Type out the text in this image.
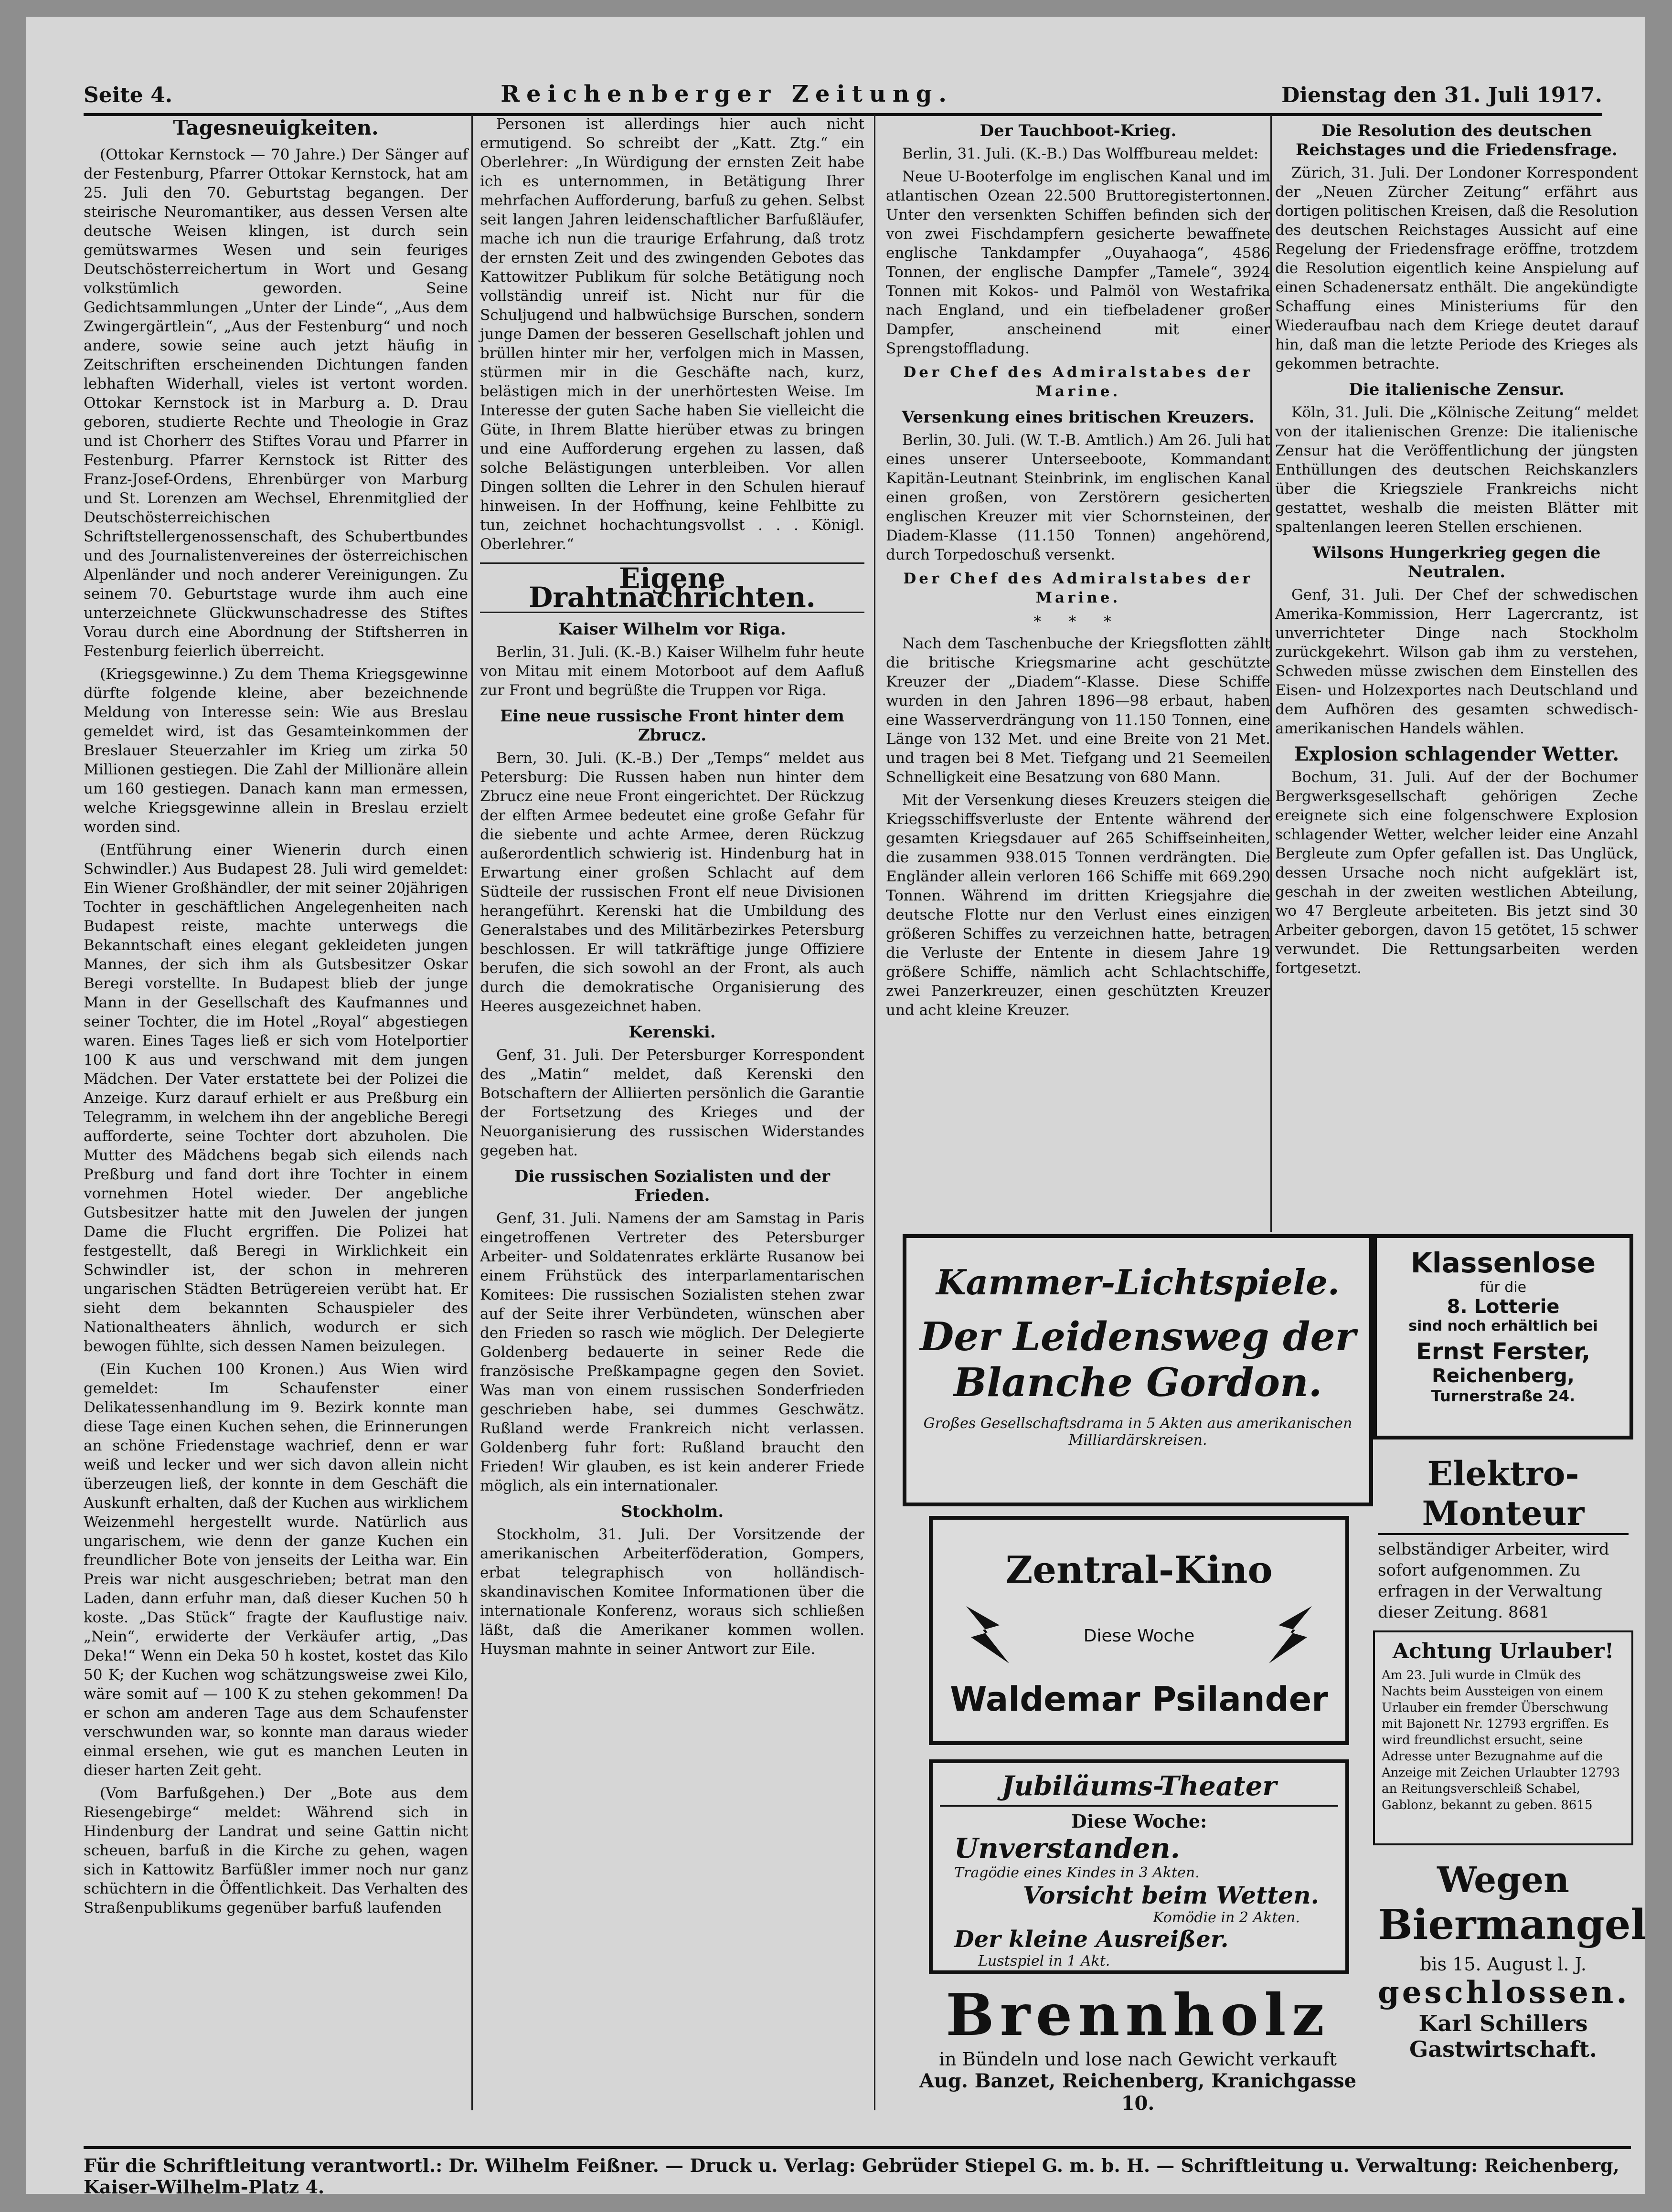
Seite 4.	Reichenberger Zeitung.	Dienstag den 31. Juli 1917.
Tagesneuigkeiten.

(Ottokar Kernstock — 70 Jahre.) Der Sänger auf der Festenburg, Pfarrer Ottokar Kernstock, hat am 25. Juli den 70. Geburtstag begangen. Der steirische Neuromantiker, aus dessen Versen alte deutsche Weisen klingen, ist durch sein gemütswarmes Wesen und sein feuriges Deutschösterreichertum in Wort und Gesang volkstümlich geworden. Seine Gedichtsammlungen „Unter der Linde“, „Aus dem Zwingergärtlein“, „Aus der Festenburg“ und noch andere, sowie seine auch jetzt häufig in Zeitschriften erscheinenden Dichtungen fanden lebhaften Widerhall, vieles ist vertont worden. Ottokar Kernstock ist in Marburg a. D. Drau geboren, studierte Rechte und Theologie in Graz und ist Chorherr des Stiftes Vorau und Pfarrer in Festenburg. Pfarrer Kernstock ist Ritter des Franz-Josef-Ordens, Ehrenbürger von Marburg und St. Lorenzen am Wechsel, Ehrenmitglied der Deutschösterreichischen Schriftstellergenossenschaft, des Schubertbundes und des Journalistenvereines der österreichischen Alpenländer und noch anderer Vereinigungen. Zu seinem 70. Geburtstage wurde ihm auch eine unterzeichnete Glückwunschadresse des Stiftes Vorau durch eine Abordnung der Stiftsherren in Festenburg feierlich überreicht.

(Kriegsgewinne.) Zu dem Thema Kriegsgewinne dürfte folgende kleine, aber bezeichnende Meldung von Interesse sein: Wie aus Breslau gemeldet wird, ist das Gesamteinkommen der Breslauer Steuerzahler im Krieg um zirka 50 Millionen gestiegen. Die Zahl der Millionäre allein um 160 gestiegen. Danach kann man ermessen, welche Kriegsgewinne allein in Breslau erzielt worden sind.

(Entführung einer Wienerin durch einen Schwindler.) Aus Budapest 28. Juli wird gemeldet: Ein Wiener Großhändler, der mit seiner 20jährigen Tochter in geschäftlichen Angelegenheiten nach Budapest reiste, machte unterwegs die Bekanntschaft eines elegant gekleideten jungen Mannes, der sich ihm als Gutsbesitzer Oskar Beregi vorstellte. In Budapest blieb der junge Mann in der Gesellschaft des Kaufmannes und seiner Tochter, die im Hotel „Royal“ abgestiegen waren. Eines Tages ließ er sich vom Hotelportier 100 K aus und verschwand mit dem jungen Mädchen. Der Vater erstattete bei der Polizei die Anzeige. Kurz darauf erhielt er aus Preßburg ein Telegramm, in welchem ihn der angebliche Beregi aufforderte, seine Tochter dort abzuholen. Die Mutter des Mädchens begab sich eilends nach Preßburg und fand dort ihre Tochter in einem vornehmen Hotel wieder. Der angebliche Gutsbesitzer hatte mit den Juwelen der jungen Dame die Flucht ergriffen. Die Polizei hat festgestellt, daß Beregi in Wirklichkeit ein Schwindler ist, der schon in mehreren ungarischen Städten Betrügereien verübt hat. Er sieht dem bekannten Schauspieler des Nationaltheaters ähnlich, wodurch er sich bewogen fühlte, sich dessen Namen beizulegen.

(Ein Kuchen 100 Kronen.) Aus Wien wird gemeldet: Im Schaufenster einer Delikatessenhandlung im 9. Bezirk konnte man diese Tage einen Kuchen sehen, die Erinnerungen an schöne Friedenstage wachrief, denn er war weiß und lecker und wer sich davon allein nicht überzeugen ließ, der konnte in dem Geschäft die Auskunft erhalten, daß der Kuchen aus wirklichem Weizenmehl hergestellt wurde. Natürlich aus ungarischem, wie denn der ganze Kuchen ein freundlicher Bote von jenseits der Leitha war. Ein Preis war nicht ausgeschrieben; betrat man den Laden, dann erfuhr man, daß dieser Kuchen 50 h koste. „Das Stück“ fragte der Kauflustige naiv. „Nein“, erwiderte der Verkäufer artig, „Das Deka!“ Wenn ein Deka 50 h kostet, kostet das Kilo 50 K; der Kuchen wog schätzungsweise zwei Kilo, wäre somit auf — 100 K zu stehen gekommen! Da er schon am anderen Tage aus dem Schaufenster verschwunden war, so konnte man daraus wieder einmal ersehen, wie gut es manchen Leuten in dieser harten Zeit geht.

(Vom Barfußgehen.) Der „Bote aus dem Riesengebirge“ meldet: Während sich in Hindenburg der Landrat und seine Gattin nicht scheuen, barfuß in die Kirche zu gehen, wagen sich in Kattowitz Barfüßler immer noch nur ganz schüchtern in die Öffentlichkeit. Das Verhalten des Straßenpublikums gegenüber barfuß laufenden

Personen ist allerdings hier auch nicht ermutigend. So schreibt der „Katt. Ztg.“ ein Oberlehrer: „In Würdigung der ernsten Zeit habe ich es unternommen, in Betätigung Ihrer mehrfachen Aufforderung, barfuß zu gehen. Selbst seit langen Jahren leidenschaftlicher Barfußläufer, mache ich nun die traurige Erfahrung, daß trotz der ernsten Zeit und des zwingenden Gebotes das Kattowitzer Publikum für solche Betätigung noch vollständig unreif ist. Nicht nur für die Schuljugend und halbwüchsige Burschen, sondern junge Damen der besseren Gesellschaft johlen und brüllen hinter mir her, verfolgen mich in Massen, stürmen mir in die Geschäfte nach, kurz, belästigen mich in der unerhörtesten Weise. Im Interesse der guten Sache haben Sie vielleicht die Güte, in Ihrem Blatte hierüber etwas zu bringen und eine Aufforderung ergehen zu lassen, daß solche Belästigungen unterbleiben. Vor allen Dingen sollten die Lehrer in den Schulen hierauf hinweisen. In der Hoffnung, keine Fehlbitte zu tun, zeichnet hochachtungsvollst . . . Königl. Oberlehrer.“

Eigene Drahtnachrichten.
Kaiser Wilhelm vor Riga.

Berlin, 31. Juli. (K.-B.) Kaiser Wilhelm fuhr heute von Mitau mit einem Motorboot auf dem Aafluß zur Front und begrüßte die Truppen vor Riga.

Eine neue russische Front hinter dem Zbrucz.

Bern, 30. Juli. (K.-B.) Der „Temps“ meldet aus Petersburg: Die Russen haben nun hinter dem Zbrucz eine neue Front eingerichtet. Der Rückzug der elften Armee bedeutet eine große Gefahr für die siebente und achte Armee, deren Rückzug außerordentlich schwierig ist. Hindenburg hat in Erwartung einer großen Schlacht auf dem Südteile der russischen Front elf neue Divisionen herangeführt. Kerenski hat die Umbildung des Generalstabes und des Militärbezirkes Petersburg beschlossen. Er will tatkräftige junge Offiziere berufen, die sich sowohl an der Front, als auch durch die demokratische Organisierung des Heeres ausgezeichnet haben.

Kerenski.

Genf, 31. Juli. Der Petersburger Korrespondent des „Matin“ meldet, daß Kerenski den Botschaftern der Alliierten persönlich die Garantie der Fortsetzung des Krieges und der Neuorganisierung des russischen Widerstandes gegeben hat.

Die russischen Sozialisten und der Frieden.

Genf, 31. Juli. Namens der am Samstag in Paris eingetroffenen Vertreter des Petersburger Arbeiter- und Soldatenrates erklärte Rusanow bei einem Frühstück des interparlamentarischen Komitees: Die russischen Sozialisten stehen zwar auf der Seite ihrer Verbündeten, wünschen aber den Frieden so rasch wie möglich. Der Delegierte Goldenberg bedauerte in seiner Rede die französische Preßkampagne gegen den Soviet. Was man von einem russischen Sonderfrieden geschrieben habe, sei dummes Geschwätz. Rußland werde Frankreich nicht verlassen. Goldenberg fuhr fort: Rußland braucht den Frieden! Wir glauben, es ist kein anderer Friede möglich, als ein internationaler.

Stockholm.

Stockholm, 31. Juli. Der Vorsitzende der amerikanischen Arbeiterföderation, Gompers, erbat telegraphisch von holländisch-skandinavischen Komitee Informationen über die internationale Konferenz, woraus sich schließen läßt, daß die Amerikaner kommen wollen. Huysman mahnte in seiner Antwort zur Eile.

Der Tauchboot-Krieg.

Berlin, 31. Juli. (K.-B.) Das Wolffbureau meldet:

Neue U-Booterfolge im englischen Kanal und im atlantischen Ozean 22.500 Bruttoregistertonnen. Unter den versenkten Schiffen befinden sich der von zwei Fischdampfern gesicherte bewaffnete englische Tankdampfer „Ouyahaoga“, 4586 Tonnen, der englische Dampfer „Tamele“, 3924 Tonnen mit Kokos- und Palmöl von Westafrika nach England, und ein tiefbeladener großer Dampfer, anscheinend mit einer Sprengstoffladung.

Der Chef des Admiralstabes der Marine.
Versenkung eines britischen Kreuzers.

Berlin, 30. Juli. (W. T.-B. Amtlich.) Am 26. Juli hat eines unserer Unterseeboote, Kommandant Kapitän-Leutnant Steinbrink, im englischen Kanal einen großen, von Zerstörern gesicherten englischen Kreuzer mit vier Schornsteinen, der Diadem-Klasse (11.150 Tonnen) angehörend, durch Torpedoschuß versenkt.

Der Chef des Admiralstabes der Marine.
* * *

Nach dem Taschenbuche der Kriegsflotten zählt die britische Kriegsmarine acht geschützte Kreuzer der „Diadem“-Klasse. Diese Schiffe wurden in den Jahren 1896—98 erbaut, haben eine Wasserverdrängung von 11.150 Tonnen, eine Länge von 132 Met. und eine Breite von 21 Met. und tragen bei 8 Met. Tiefgang und 21 Seemeilen Schnelligkeit eine Besatzung von 680 Mann.

Mit der Versenkung dieses Kreuzers steigen die Kriegsschiffsverluste der Entente während der gesamten Kriegsdauer auf 265 Schiffseinheiten, die zusammen 938.015 Tonnen verdrängten. Die Engländer allein verloren 166 Schiffe mit 669.290 Tonnen. Während im dritten Kriegsjahre die deutsche Flotte nur den Verlust eines einzigen größeren Schiffes zu verzeichnen hatte, betragen die Verluste der Entente in diesem Jahre 19 größere Schiffe, nämlich acht Schlachtschiffe, zwei Panzerkreuzer, einen geschützten Kreuzer und acht kleine Kreuzer.

Die Resolution des deutschen Reichstages und die Friedensfrage.

Zürich, 31. Juli. Der Londoner Korrespondent der „Neuen Zürcher Zeitung“ erfährt aus dortigen politischen Kreisen, daß die Resolution des deutschen Reichstages Aussicht auf eine Regelung der Friedensfrage eröffne, trotzdem die Resolution eigentlich keine Anspielung auf einen Schadenersatz enthält. Die angekündigte Schaffung eines Ministeriums für den Wiederaufbau nach dem Kriege deutet darauf hin, daß man die letzte Periode des Krieges als gekommen betrachte.

Die italienische Zensur.

Köln, 31. Juli. Die „Kölnische Zeitung“ meldet von der italienischen Grenze: Die italienische Zensur hat die Veröffentlichung der jüngsten Enthüllungen des deutschen Reichskanzlers über die Kriegsziele Frankreichs nicht gestattet, weshalb die meisten Blätter mit spaltenlangen leeren Stellen erschienen.

Wilsons Hungerkrieg gegen die Neutralen.

Genf, 31. Juli. Der Chef der schwedischen Amerika-Kommission, Herr Lagercrantz, ist unverrichteter Dinge nach Stockholm zurückgekehrt. Wilson gab ihm zu verstehen, Schweden müsse zwischen dem Einstellen des Eisen- und Holzexportes nach Deutschland und dem Aufhören des gesamten schwedisch-amerikanischen Handels wählen.

Explosion schlagender Wetter.

Bochum, 31. Juli. Auf der der Bochumer Bergwerksgesellschaft gehörigen Zeche ereignete sich eine folgenschwere Explosion schlagender Wetter, welcher leider eine Anzahl Bergleute zum Opfer gefallen ist. Das Unglück, dessen Ursache noch nicht aufgeklärt ist, geschah in der zweiten westlichen Abteilung, wo 47 Bergleute arbeiteten. Bis jetzt sind 30 Arbeiter geborgen, davon 15 getötet, 15 schwer verwundet. Die Rettungsarbeiten werden fortgesetzt.

Kammer-Lichtspiele.
Der Leidensweg der Blanche Gordon.
Großes Gesellschaftsdrama in 5 Akten aus amerikanischen Milliardärskreisen.
Zentral-Kino
Diese Woche
Waldemar Psilander
Jubiläums-Theater
Diese Woche:
Unverstanden.
Tragödie eines Kindes in 3 Akten.
Vorsicht beim Wetten.
Komödie in 2 Akten.
Der kleine Ausreißer.
Lustspiel in 1 Akt.
Brennholz
in Bündeln und lose nach Gewicht verkauft
Aug. Banzet, Reichenberg, Kranichgasse 10.
Klassenlose
für die
8. Lotterie
sind noch erhältlich bei
Ernst Ferster,
Reichenberg,
Turnerstraße 24.
Elektro-Monteur
selbständiger Arbeiter, wird sofort aufgenommen. Zu erfragen in der Verwaltung dieser Zeitung. 8681
Achtung Urlauber!
Am 23. Juli wurde in Clmük des Nachts beim Aussteigen von einem Urlauber ein fremder Überschwung mit Bajonett Nr. 12793 ergriffen. Es wird freundlichst ersucht, seine Adresse unter Bezugnahme auf die Anzeige mit Zeichen Urlaubter 12793 an Reitungsverschleiß Schabel, Gablonz, bekannt zu geben. 8615
Wegen
Biermangel
bis 15. August l. J.
geschlossen.
Karl Schillers
Gastwirtschaft.
Für die Schriftleitung verantwortl.: Dr. Wilhelm Feißner. — Druck u. Verlag: Gebrüder Stiepel G. m. b. H. — Schriftleitung u. Verwaltung: Reichenberg, Kaiser-Wilhelm-Platz 4.
